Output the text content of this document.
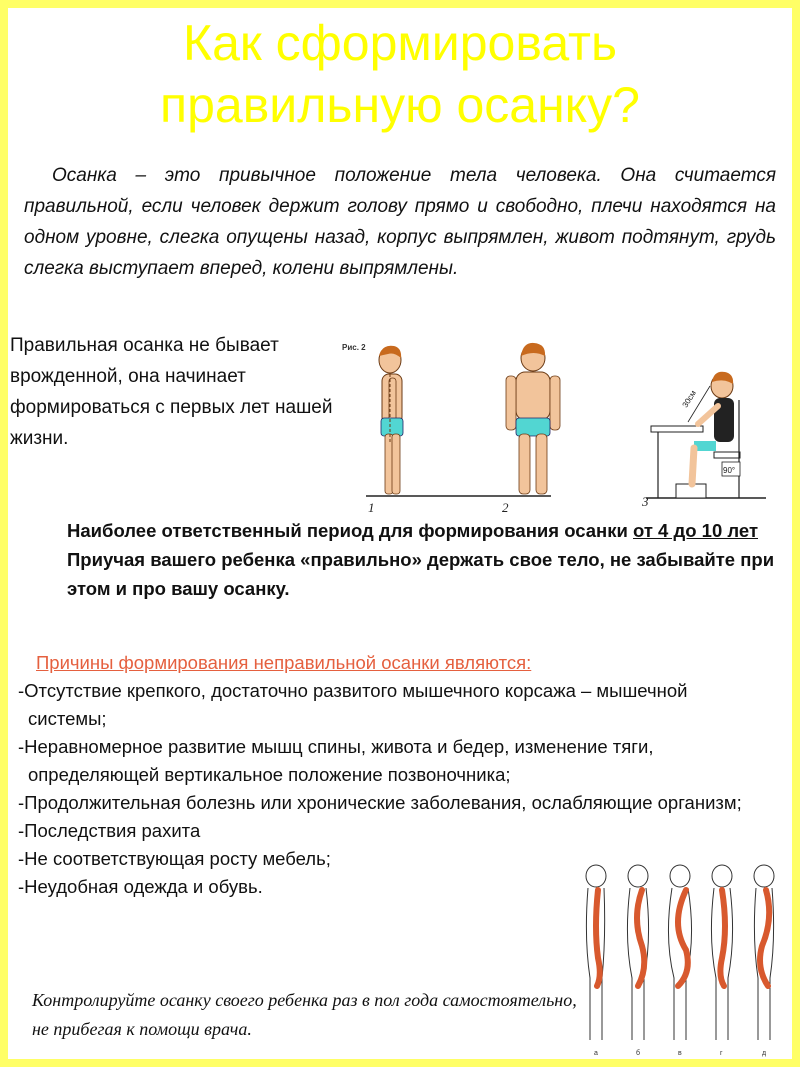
Как сформировать
правильную осанку?
Осанка – это привычное положение тела человека. Она считается правильной, если человек держит голову прямо и свободно, плечи находятся на одном уровне, слегка опущены назад, корпус выпрямлен, живот подтянут, грудь слегка выступает вперед, колени выпрямлены.
Правильная осанка не бывает врожденной, она начинает формироваться с первых лет нашей жизни.
Рис. 2
1	2
30см
90°
3
Наиболее ответственный период для формирования осанки от 4 до 10 лет
Приучая вашего ребенка «правильно» держать свое тело, не забывайте при этом и про вашу осанку.
Причины формирования неправильной осанки являются:
-Отсутствие крепкого, достаточно развитого мышечного корсажа – мышечной системы;
-Неравномерное развитие мышц спины, живота и бедер, изменение тяги, определяющей вертикальное положение позвоночника;
-Продолжительная болезнь или хронические заболевания, ослабляющие организм;
-Последствия рахита
-Не соответствующая росту мебель;
-Неудобная одежда и обувь.
а	б	в	г	д
Контролируйте осанку своего ребенка раз в пол года самостоятельно, не прибегая к помощи врача.
